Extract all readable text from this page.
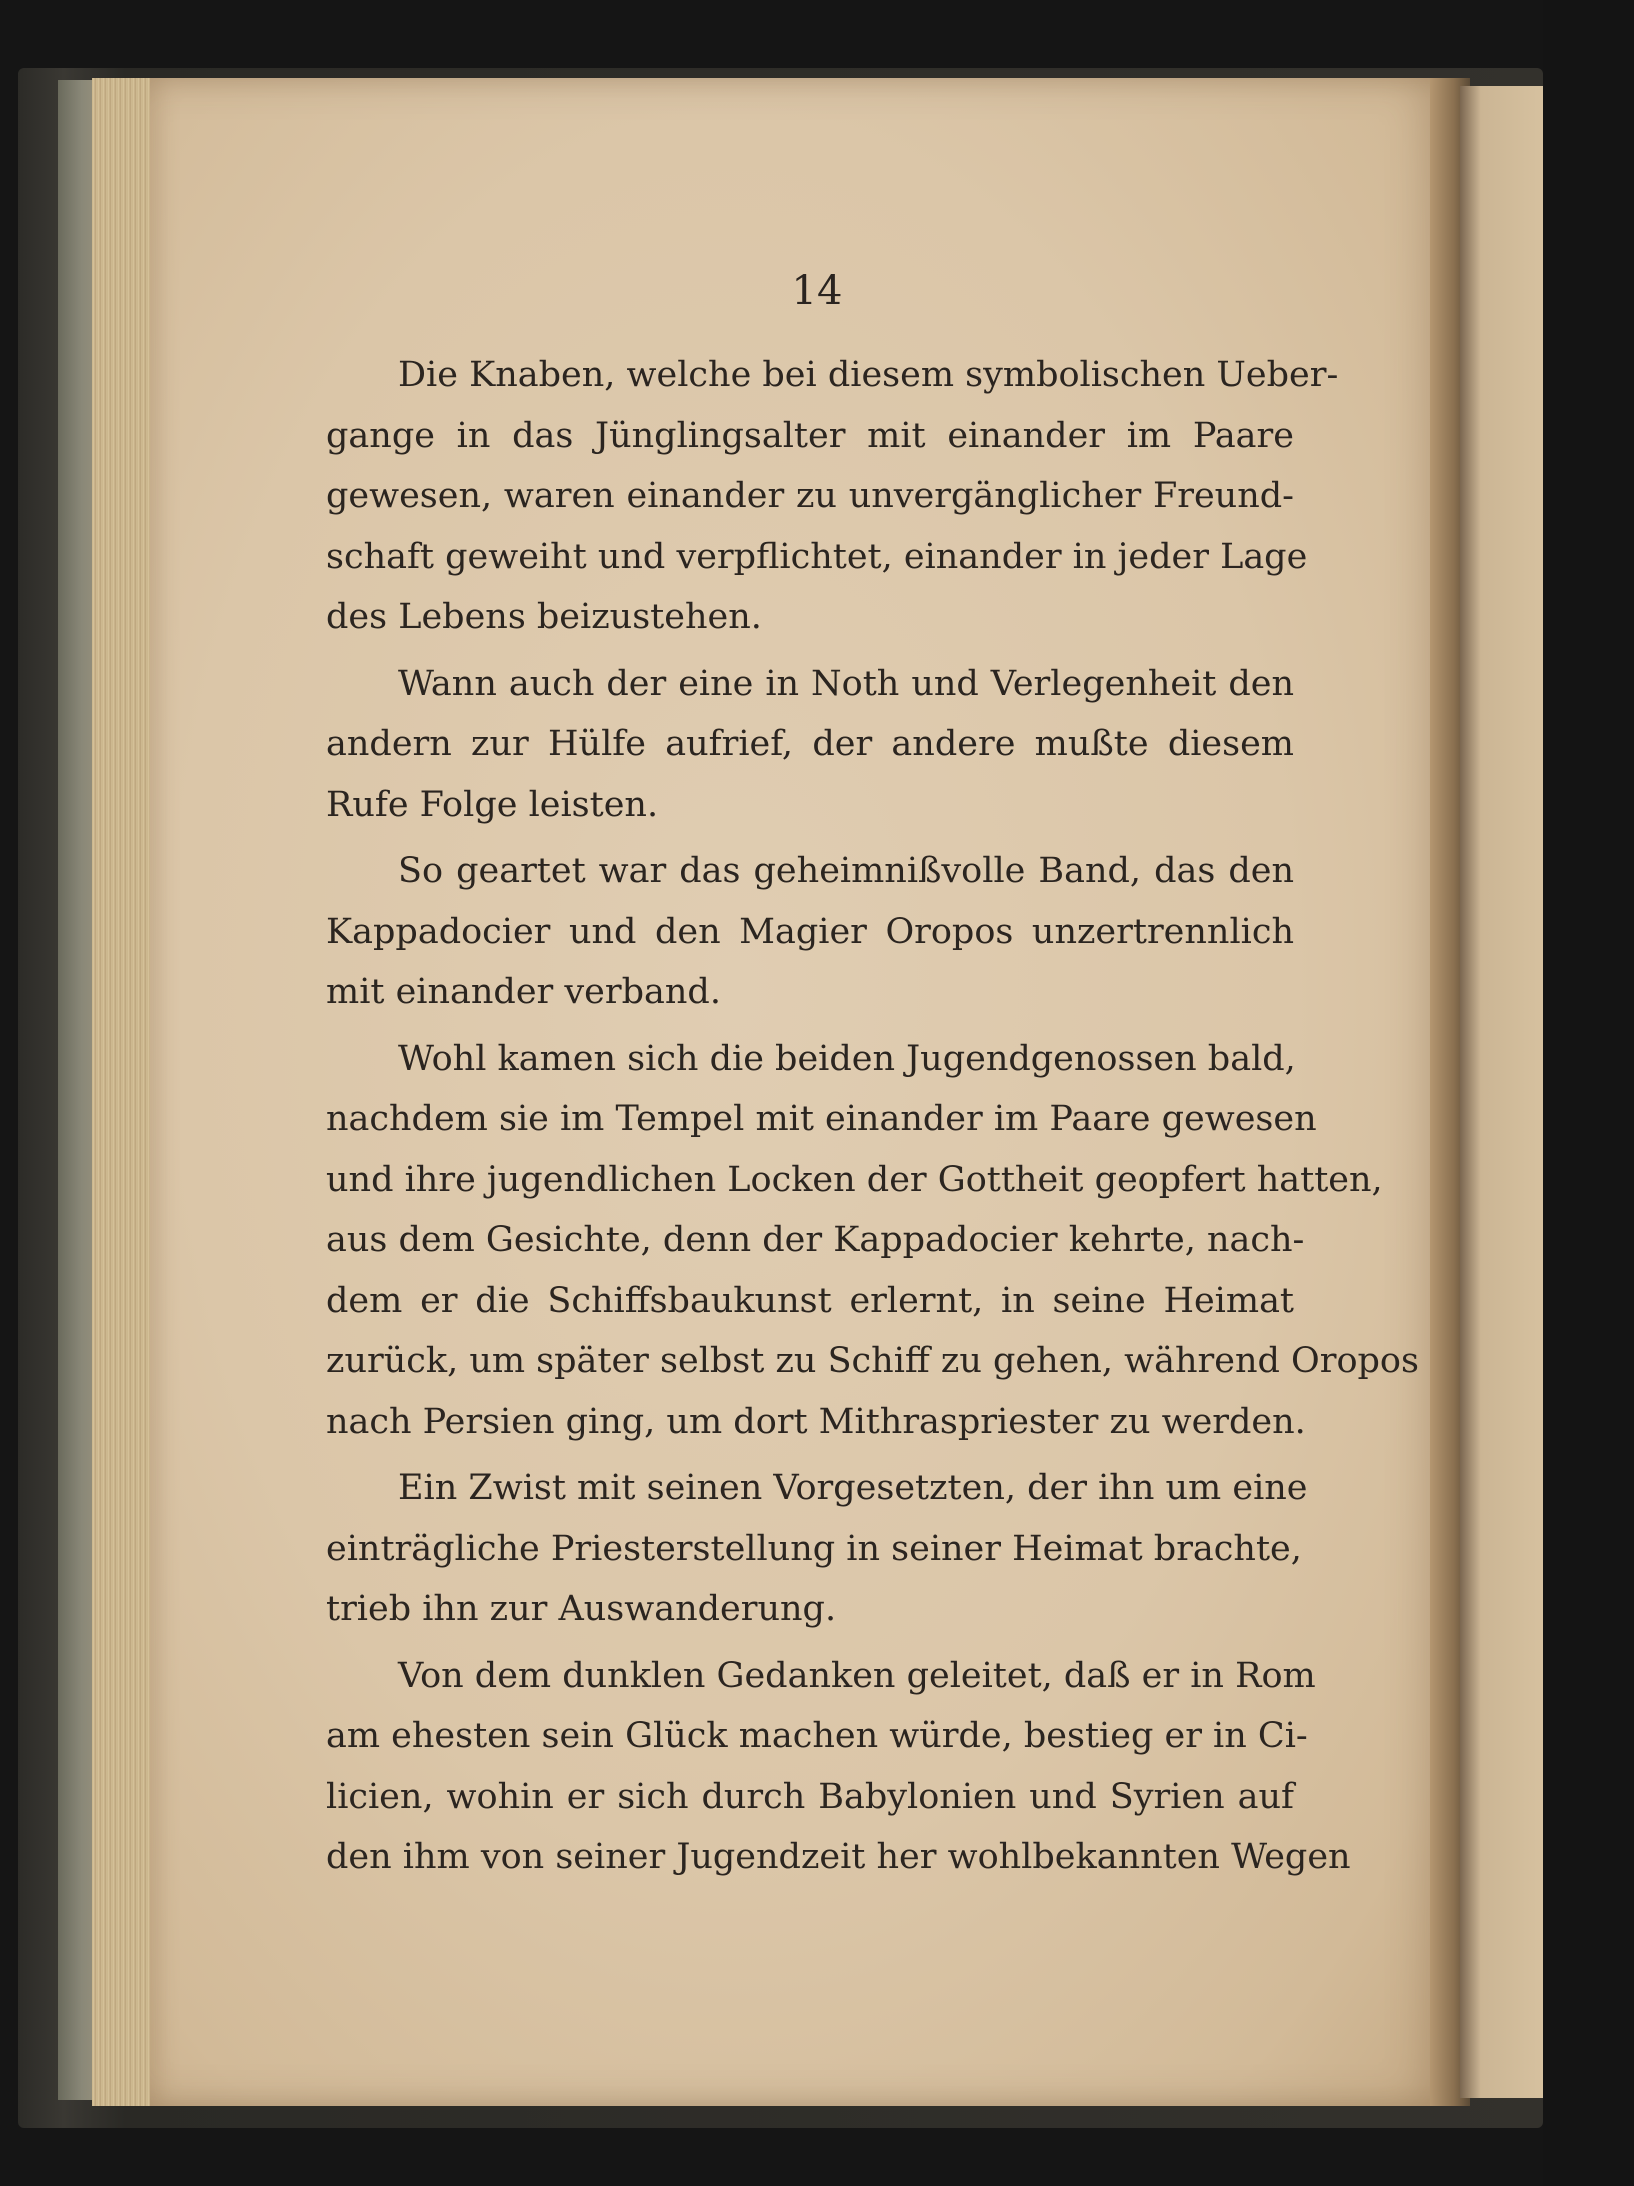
14

Die Knaben, welche bei diesem symbolischen Ueber-
gange in das Jünglingsalter mit einander im Paare
gewesen, waren einander zu unvergänglicher Freund-
schaft geweiht und verpflichtet, einander in jeder Lage
des Lebens beizustehen.

Wann auch der eine in Noth und Verlegenheit den
andern zur Hülfe aufrief, der andere mußte diesem
Rufe Folge leisten.

So geartet war das geheimnißvolle Band, das den
Kappadocier und den Magier Oropos unzertrennlich
mit einander verband.

Wohl kamen sich die beiden Jugendgenossen bald,
nachdem sie im Tempel mit einander im Paare gewesen
und ihre jugendlichen Locken der Gottheit geopfert hatten,
aus dem Gesichte, denn der Kappadocier kehrte, nach-
dem er die Schiffsbaukunst erlernt, in seine Heimat
zurück, um später selbst zu Schiff zu gehen, während Oropos
nach Persien ging, um dort Mithraspriester zu werden.

Ein Zwist mit seinen Vorgesetzten, der ihn um eine
einträgliche Priesterstellung in seiner Heimat brachte,
trieb ihn zur Auswanderung.

Von dem dunklen Gedanken geleitet, daß er in Rom
am ehesten sein Glück machen würde, bestieg er in Ci-
licien, wohin er sich durch Babylonien und Syrien auf
den ihm von seiner Jugendzeit her wohlbekannten Wegen
